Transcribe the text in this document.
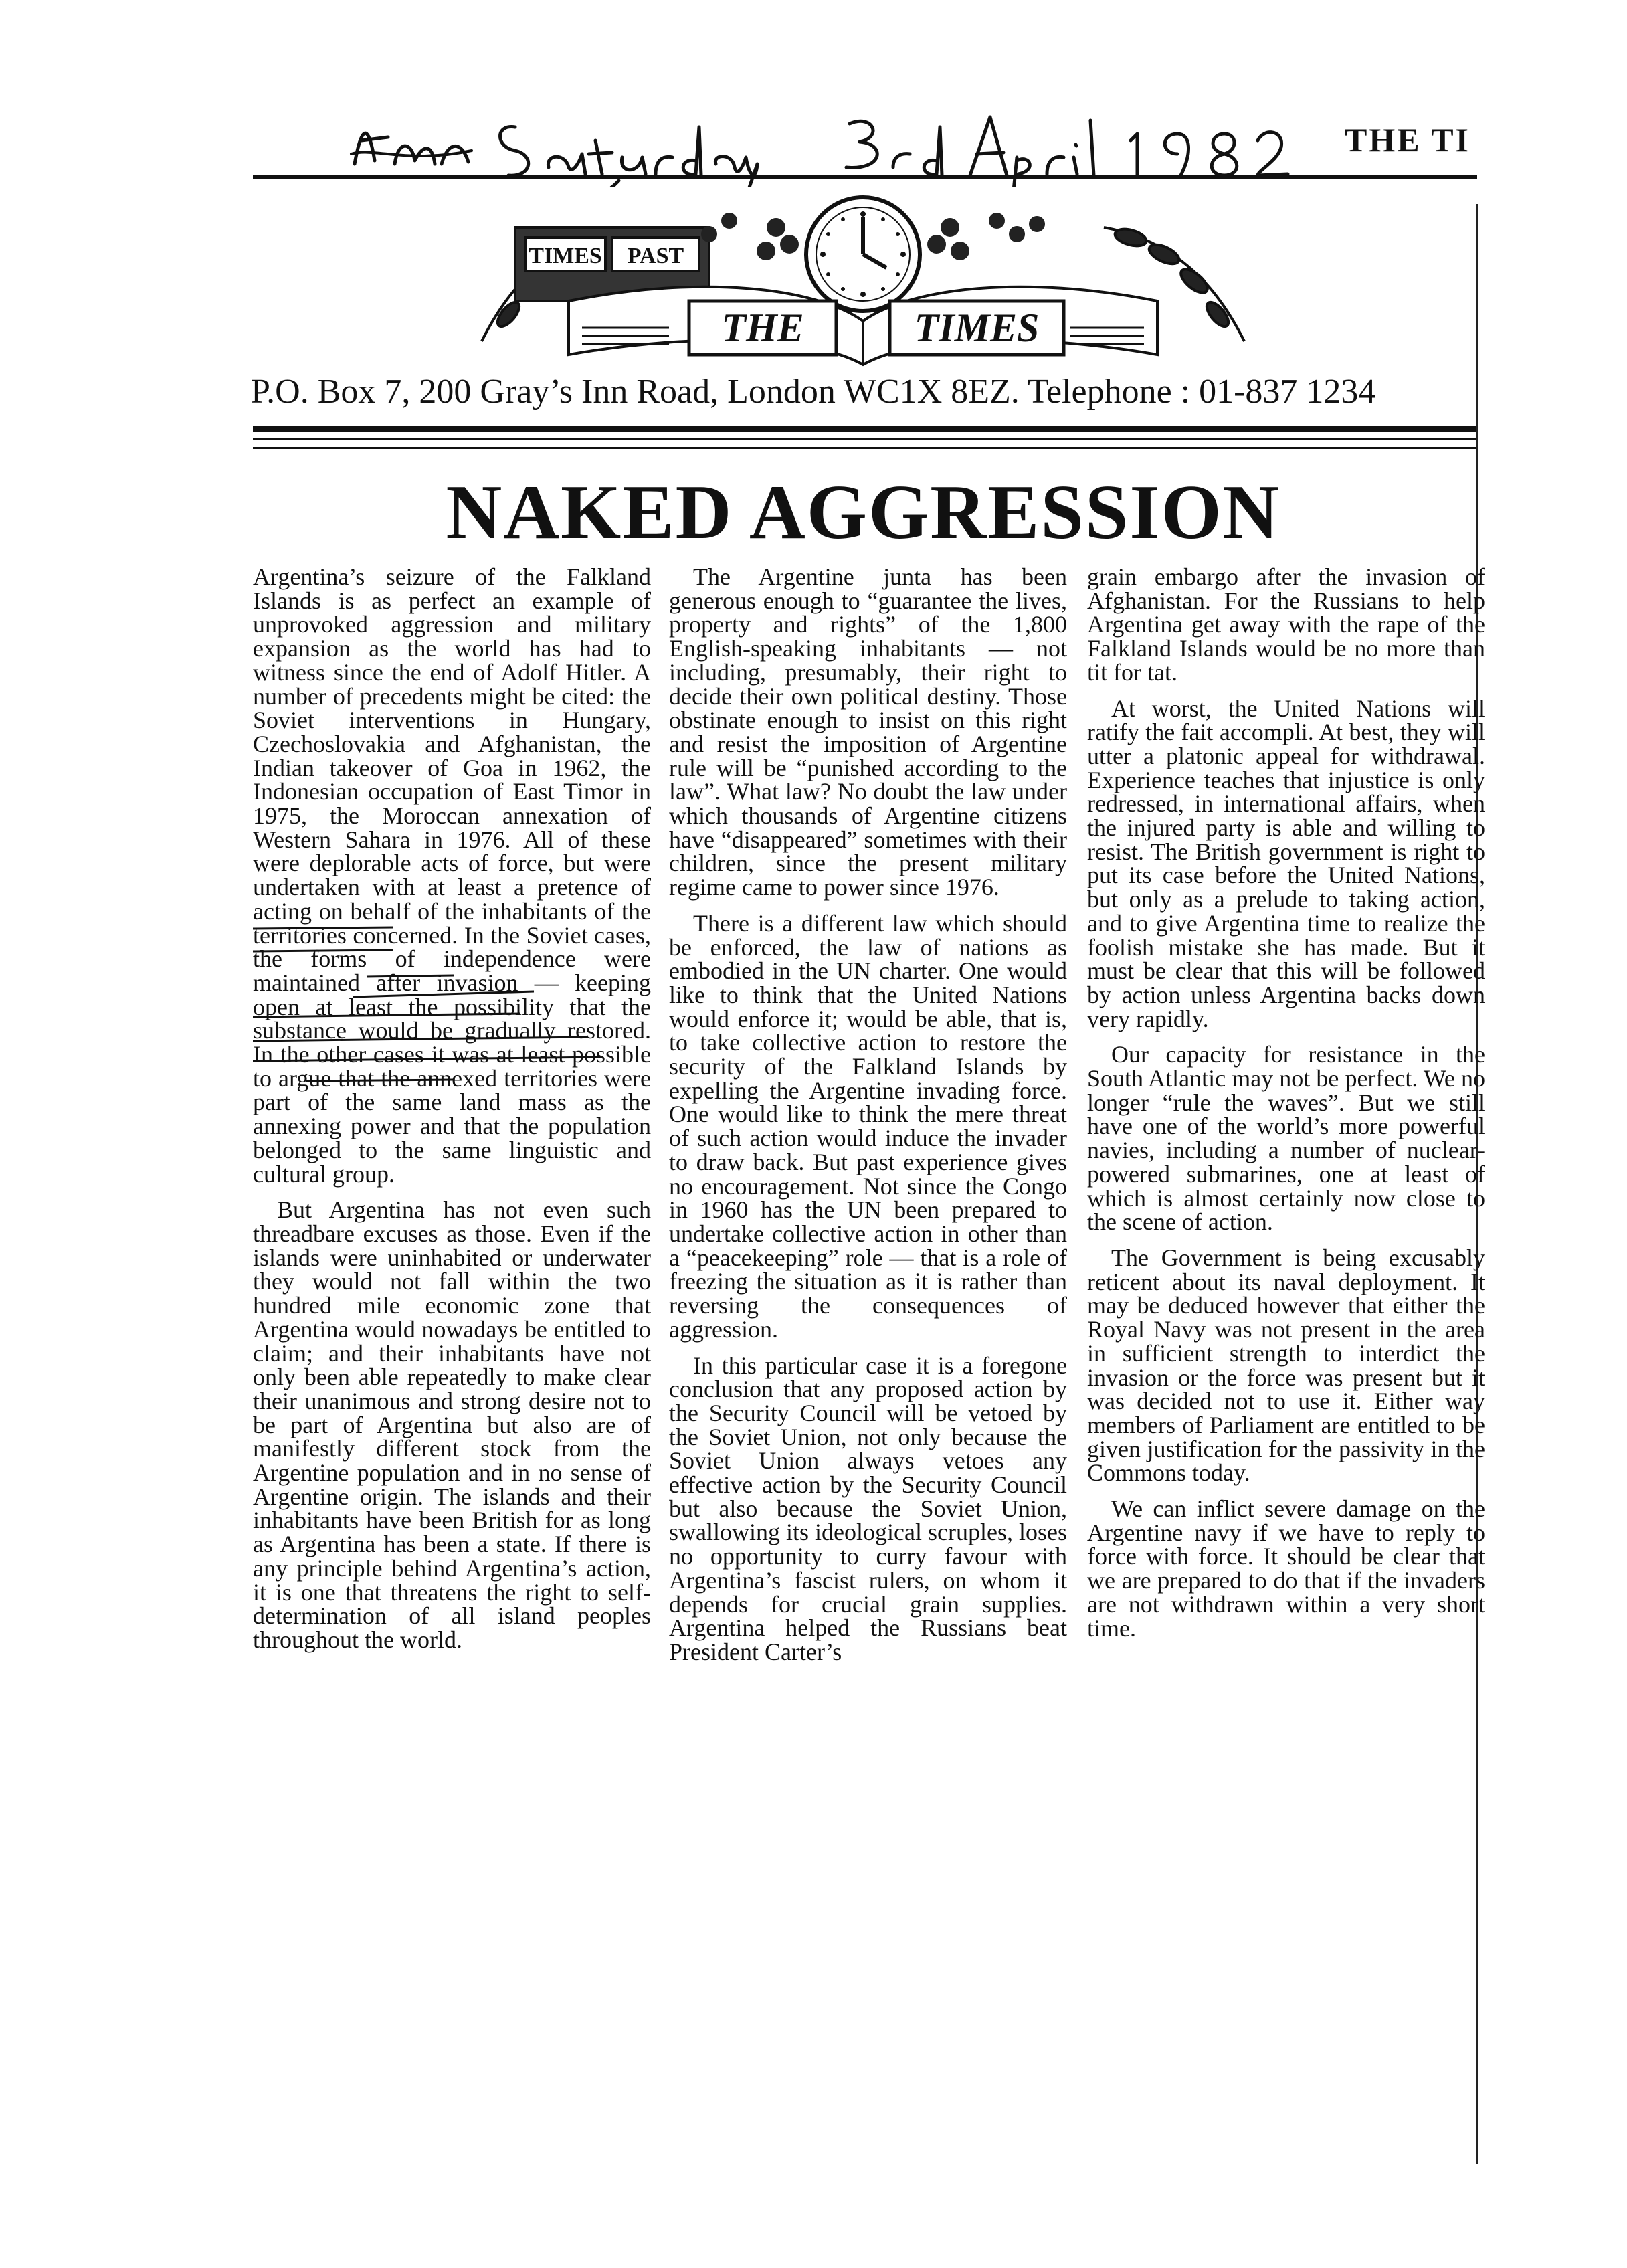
THE TI
TIMES PAST
THE	TIMES
P.O. Box 7, 200 Gray’s Inn Road, London WC1X 8EZ. Telephone : 01-837 1234
NAKED AGGRESSION

Argentina’s seizure of the Falkland Islands is as perfect an example of unprovoked aggression and military expansion as the world has had to witness since the end of Adolf Hitler. A number of precedents might be cited: the Soviet interventions in Hungary, Czechoslovakia and Afghanistan, the Indian takeover of Goa in 1962, the Indonesian occupation of East Timor in 1975, the Moroccan annexation of Western Sahara in 1976. All of these were deplorable acts of force, but were undertaken with at least a pretence of acting on behalf of the inhabitants of the territories concerned. In the Soviet cases, the forms of independence were maintained after invasion — keeping open at least the possibility that the substance would be gradually restored. In the other cases it was at least possible to argue that the annexed territories were part of the same land mass as the annexing power and that the population belonged to the same linguistic and cultural group.

But Argentina has not even such threadbare excuses as those. Even if the islands were uninhabited or underwater they would not fall within the two hundred mile economic zone that Argentina would nowadays be entitled to claim; and their inhabitants have not only been able repeatedly to make clear their unanimous and strong desire not to be part of Argentina but also are of manifestly different stock from the Argentine population and in no sense of Argentine origin. The islands and their inhabitants have been British for as long as Argentina has been a state. If there is any principle behind Argentina’s action, it is one that threatens the right to self-determination of all island peoples throughout the world.

The Argentine junta has been generous enough to “guarantee the lives, property and rights” of the 1,800 English-speaking inhabitants — not including, presumably, their right to decide their own political destiny. Those obstinate enough to insist on this right and resist the imposition of Argentine rule will be “punished according to the law”. What law? No doubt the law under which thousands of Argentine citizens have “disappeared” sometimes with their children, since the present military regime came to power since 1976.

There is a different law which should be enforced, the law of nations as embodied in the UN charter. One would like to think that the United Nations would enforce it; would be able, that is, to take collective action to restore the security of the Falkland Islands by expelling the Argentine invading force. One would like to think the mere threat of such action would induce the invader to draw back. But past experience gives no encouragement. Not since the Congo in 1960 has the UN been prepared to undertake collective action in other than a “peacekeeping” role — that is a role of freezing the situation as it is rather than reversing the consequences of aggression.

In this particular case it is a foregone conclusion that any proposed action by the Security Council will be vetoed by the Soviet Union, not only because the Soviet Union always vetoes any effective action by the Security Council but also because the Soviet Union, swallowing its ideological scruples, loses no opportunity to curry favour with Argentina’s fascist rulers, on whom it depends for crucial grain supplies. Argentina helped the Russians beat President Carter’s

grain embargo after the invasion of Afghanistan. For the Russians to help Argentina get away with the rape of the Falkland Islands would be no more than tit for tat.

At worst, the United Nations will ratify the fait accompli. At best, they will utter a platonic appeal for withdrawal. Experience teaches that injustice is only redressed, in international affairs, when the injured party is able and willing to resist. The British government is right to put its case before the United Nations, but only as a prelude to taking action, and to give Argentina time to realize the foolish mistake she has made. But it must be clear that this will be followed by action unless Argentina backs down very rapidly.

Our capacity for resistance in the South Atlantic may not be perfect. We no longer “rule the waves”. But we still have one of the world’s more powerful navies, including a number of nuclear-powered submarines, one at least of which is almost certainly now close to the scene of action.

The Government is being excusably reticent about its naval deployment. It may be deduced however that either the Royal Navy was not present in the area in sufficient strength to interdict the invasion or the force was present but it was decided not to use it. Either way members of Parliament are entitled to be given justification for the passivity in the Commons today.

We can inflict severe damage on the Argentine navy if we have to reply to force with force. It should be clear that we are prepared to do that if the invaders are not withdrawn within a very short time.
